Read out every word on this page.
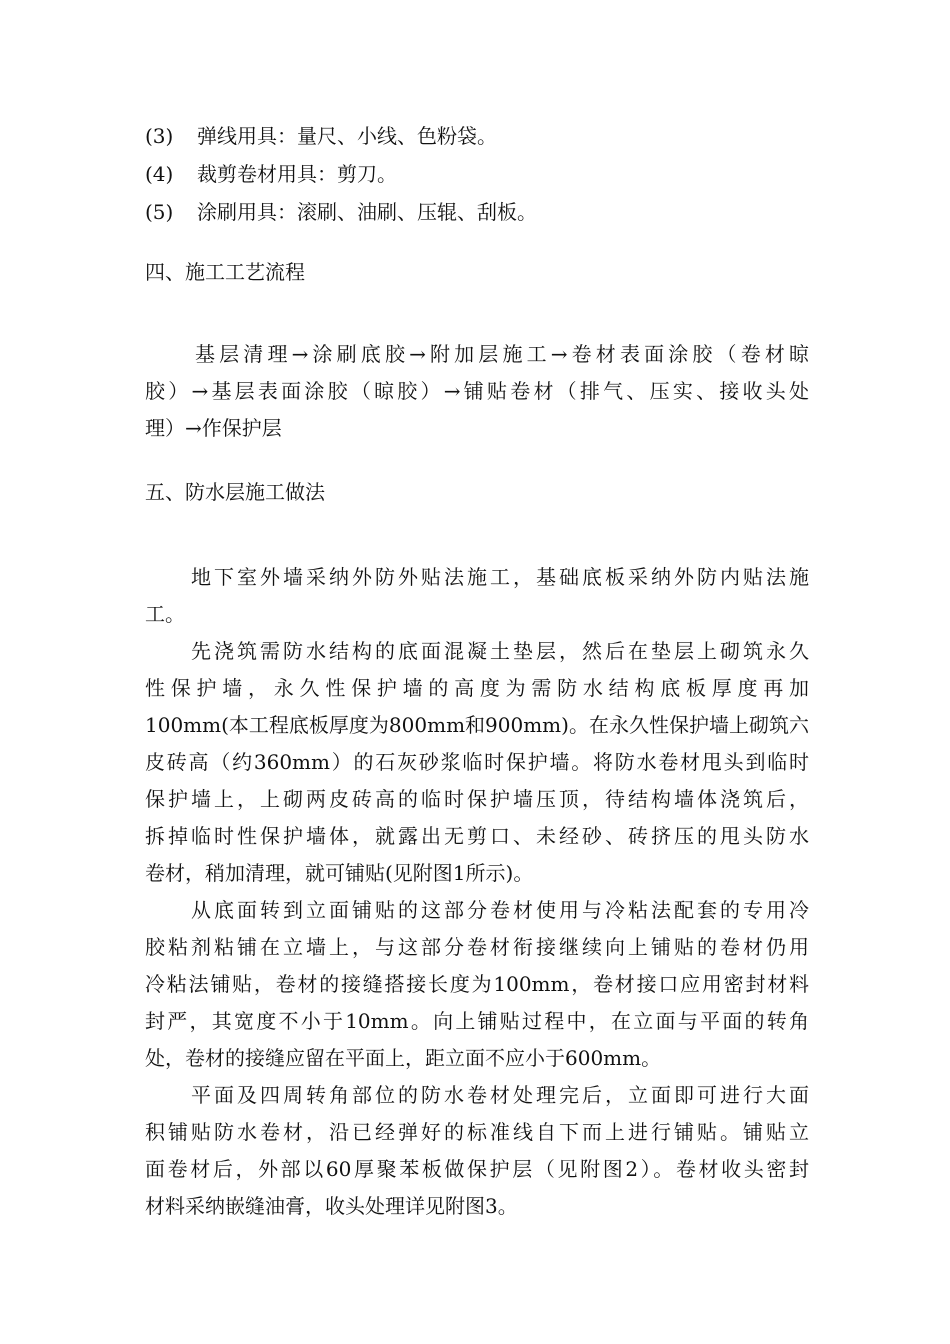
(3) 弹线用具：量尺、小线、色粉袋。
(4) 裁剪卷材用具：剪刀。
(5) 涂刷用具：滚刷、油刷、压辊、刮板。
四、施工工艺流程
基层清理→涂刷底胶→附加层施工→卷材表面涂胶（卷材晾
胶）→基层表面涂胶（晾胶）→铺贴卷材（排气、压实、接收头处
理）→作保护层
五、防水层施工做法
地下室外墙采纳外防外贴法施工，基础底板采纳外防内贴法施
工。
先浇筑需防水结构的底面混凝土垫层，然后在垫层上砌筑永久
性保护墙，永久性保护墙的高度为需防水结构底板厚度再加
100mm(本工程底板厚度为800mm和900mm)。在永久性保护墙上砌筑六
皮砖高（约360mm）的石灰砂浆临时保护墙。将防水卷材甩头到临时
保护墙上，上砌两皮砖高的临时保护墙压顶，待结构墙体浇筑后，
拆掉临时性保护墙体，就露出无剪口、未经砂、砖挤压的甩头防水
卷材，稍加清理，就可铺贴(见附图1所示)。
从底面转到立面铺贴的这部分卷材使用与冷粘法配套的专用冷
胶粘剂粘铺在立墙上，与这部分卷材衔接继续向上铺贴的卷材仍用
冷粘法铺贴，卷材的接缝搭接长度为100mm，卷材接口应用密封材料
封严，其宽度不小于10mm。向上铺贴过程中，在立面与平面的转角
处，卷材的接缝应留在平面上，距立面不应小于600mm。
平面及四周转角部位的防水卷材处理完后，立面即可进行大面
积铺贴防水卷材，沿已经弹好的标准线自下而上进行铺贴。铺贴立
面卷材后，外部以60厚聚苯板做保护层（见附图2）。卷材收头密封
材料采纳嵌缝油膏，收头处理详见附图3。
